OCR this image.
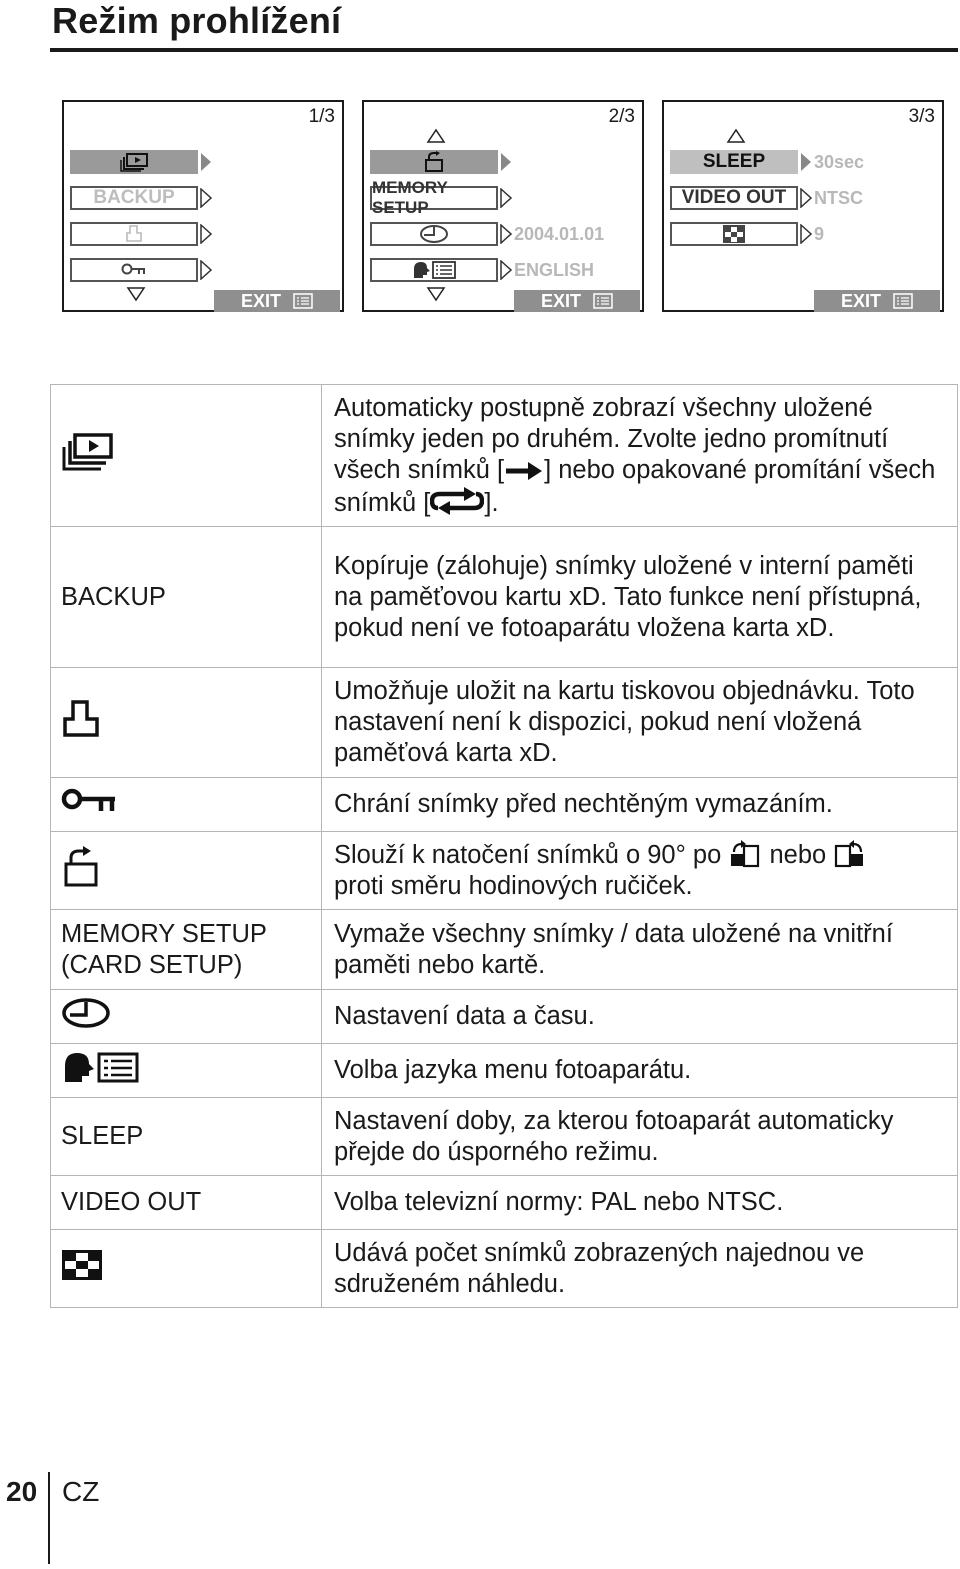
Režim prohlížení
1/3
BACKUP
EXIT
2/3
MEMORY SETUP
2004.01.01
ENGLISH
EXIT
3/3
SLEEP	30sec
VIDEO OUT	NTSC
9
EXIT
	Automaticky postupně zobrazí všechny uložené snímky jeden po druhém. Zvolte jedno promítnutí všech snímků [ ] nebo opakované promítání všech snímků [ ].
BACKUP	Kopíruje (zálohuje) snímky uložené v interní paměti na paměťovou kartu xD. Tato funkce není přístupná, pokud není ve fotoaparátu vložena karta xD.
	Umožňuje uložit na kartu tiskovou objednávku. Toto nastavení není k dispozici, pokud není vložená paměťová karta xD.
	Chrání snímky před nechtěným vymazáním.
	Slouží k natočení snímků o 90° po nebo
proti směru hodinových ručiček.
MEMORY SETUP (CARD SETUP)	Vymaže všechny snímky / data uložené na vnitřní paměti nebo kartě.
	Nastavení data a času.
	Volba jazyka menu fotoaparátu.
SLEEP	Nastavení doby, za kterou fotoaparát automaticky přejde do úsporného režimu.
VIDEO OUT	Volba televizní normy: PAL nebo NTSC.
	Udává počet snímků zobrazených najednou ve sdruženém náhledu.
20 CZ
